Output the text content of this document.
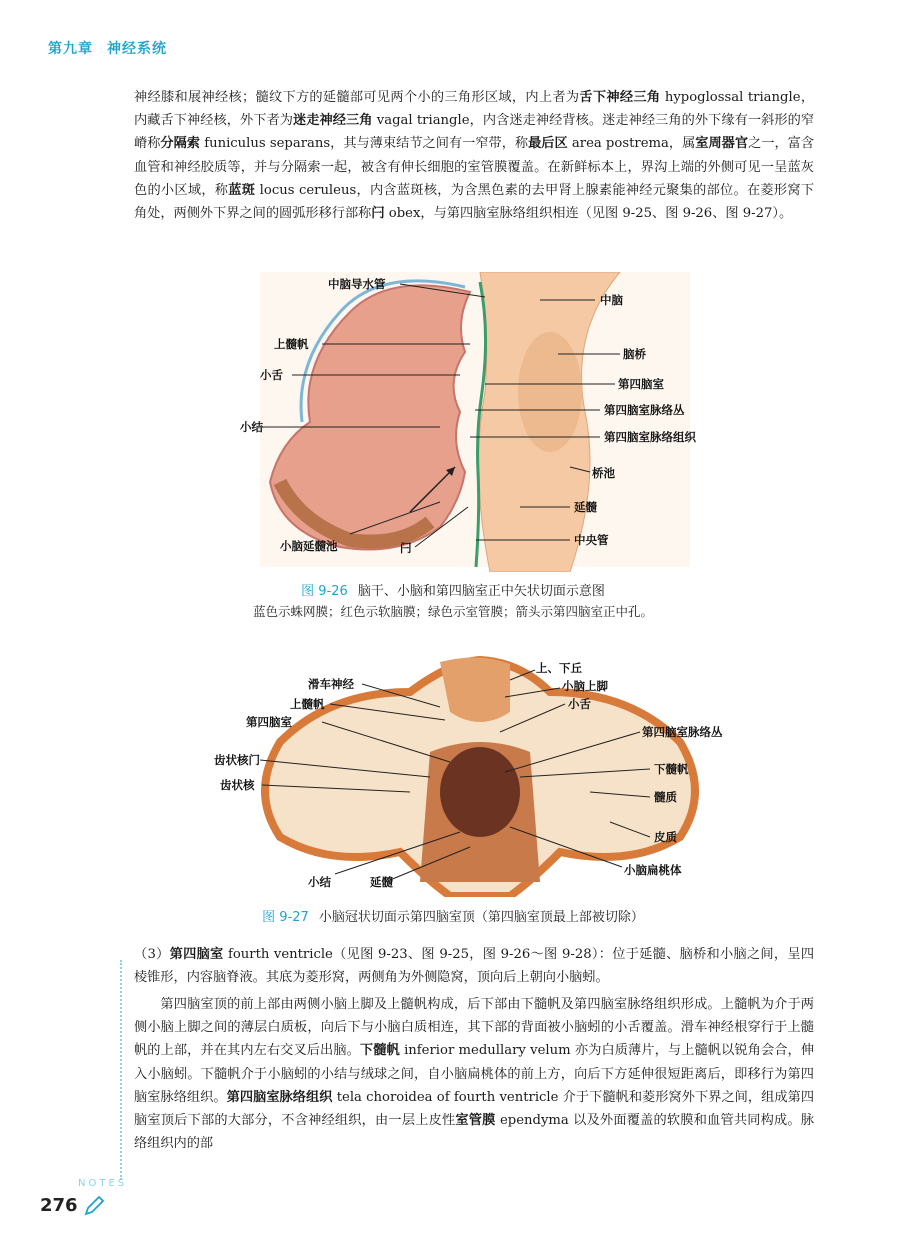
第九章 神经系统
神经膝和展神经核；髓纹下方的延髓部可见两个小的三角形区域，内上者为舌下神经三角 hypoglossal triangle，内藏舌下神经核，外下者为迷走神经三角 vagal triangle，内含迷走神经背核。迷走神经三角的外下缘有一斜形的窄嵴称分隔索 funiculus separans，其与薄束结节之间有一窄带，称最后区 area postrema，属室周器官之一，富含血管和神经胶质等，并与分隔索一起，被含有伸长细胞的室管膜覆盖。在新鲜标本上，界沟上端的外侧可见一呈蓝灰色的小区域，称蓝斑 locus ceruleus，内含蓝斑核，为含黑色素的去甲肾上腺素能神经元聚集的部位。在菱形窝下角处，两侧外下界之间的圆弧形移行部称闩 obex，与第四脑室脉络组织相连（见图 9-25、图 9-26、图 9-27）。
中脑导水管
上髓帆
小舌
小结
小脑延髓池	闩
中脑
脑桥
第四脑室
第四脑室脉络丛
第四脑室脉络组织
桥池
延髓
中央管
图 9-26 脑干、小脑和第四脑室正中矢状切面示意图
蓝色示蛛网膜；红色示软脑膜；绿色示室管膜；箭头示第四脑室正中孔。
滑车神经
上髓帆
第四脑室
齿状核门
齿状核
小结	延髓
上、下丘
小脑上脚
小舌
第四脑室脉络丛
下髓帆
髓质
皮质
小脑扁桃体
图 9-27 小脑冠状切面示第四脑室顶（第四脑室顶最上部被切除）
（3）第四脑室 fourth ventricle（见图 9-23、图 9-25，图 9-26～图 9-28）：位于延髓、脑桥和小脑之间，呈四棱锥形，内容脑脊液。其底为菱形窝，两侧角为外侧隐窝，顶向后上朝向小脑蚓。
第四脑室顶的前上部由两侧小脑上脚及上髓帆构成，后下部由下髓帆及第四脑室脉络组织形成。上髓帆为介于两侧小脑上脚之间的薄层白质板，向后下与小脑白质相连，其下部的背面被小脑蚓的小舌覆盖。滑车神经根穿行于上髓帆的上部，并在其内左右交叉后出脑。下髓帆 inferior medullary velum 亦为白质薄片，与上髓帆以锐角会合，伸入小脑蚓。下髓帆介于小脑蚓的小结与绒球之间，自小脑扁桃体的前上方，向后下方延伸很短距离后，即移行为第四脑室脉络组织。第四脑室脉络组织 tela choroidea of fourth ventricle 介于下髓帆和菱形窝外下界之间，组成第四脑室顶后下部的大部分，不含神经组织，由一层上皮性室管膜 ependyma 以及外面覆盖的软膜和血管共同构成。脉络组织内的部
NOTES
276
